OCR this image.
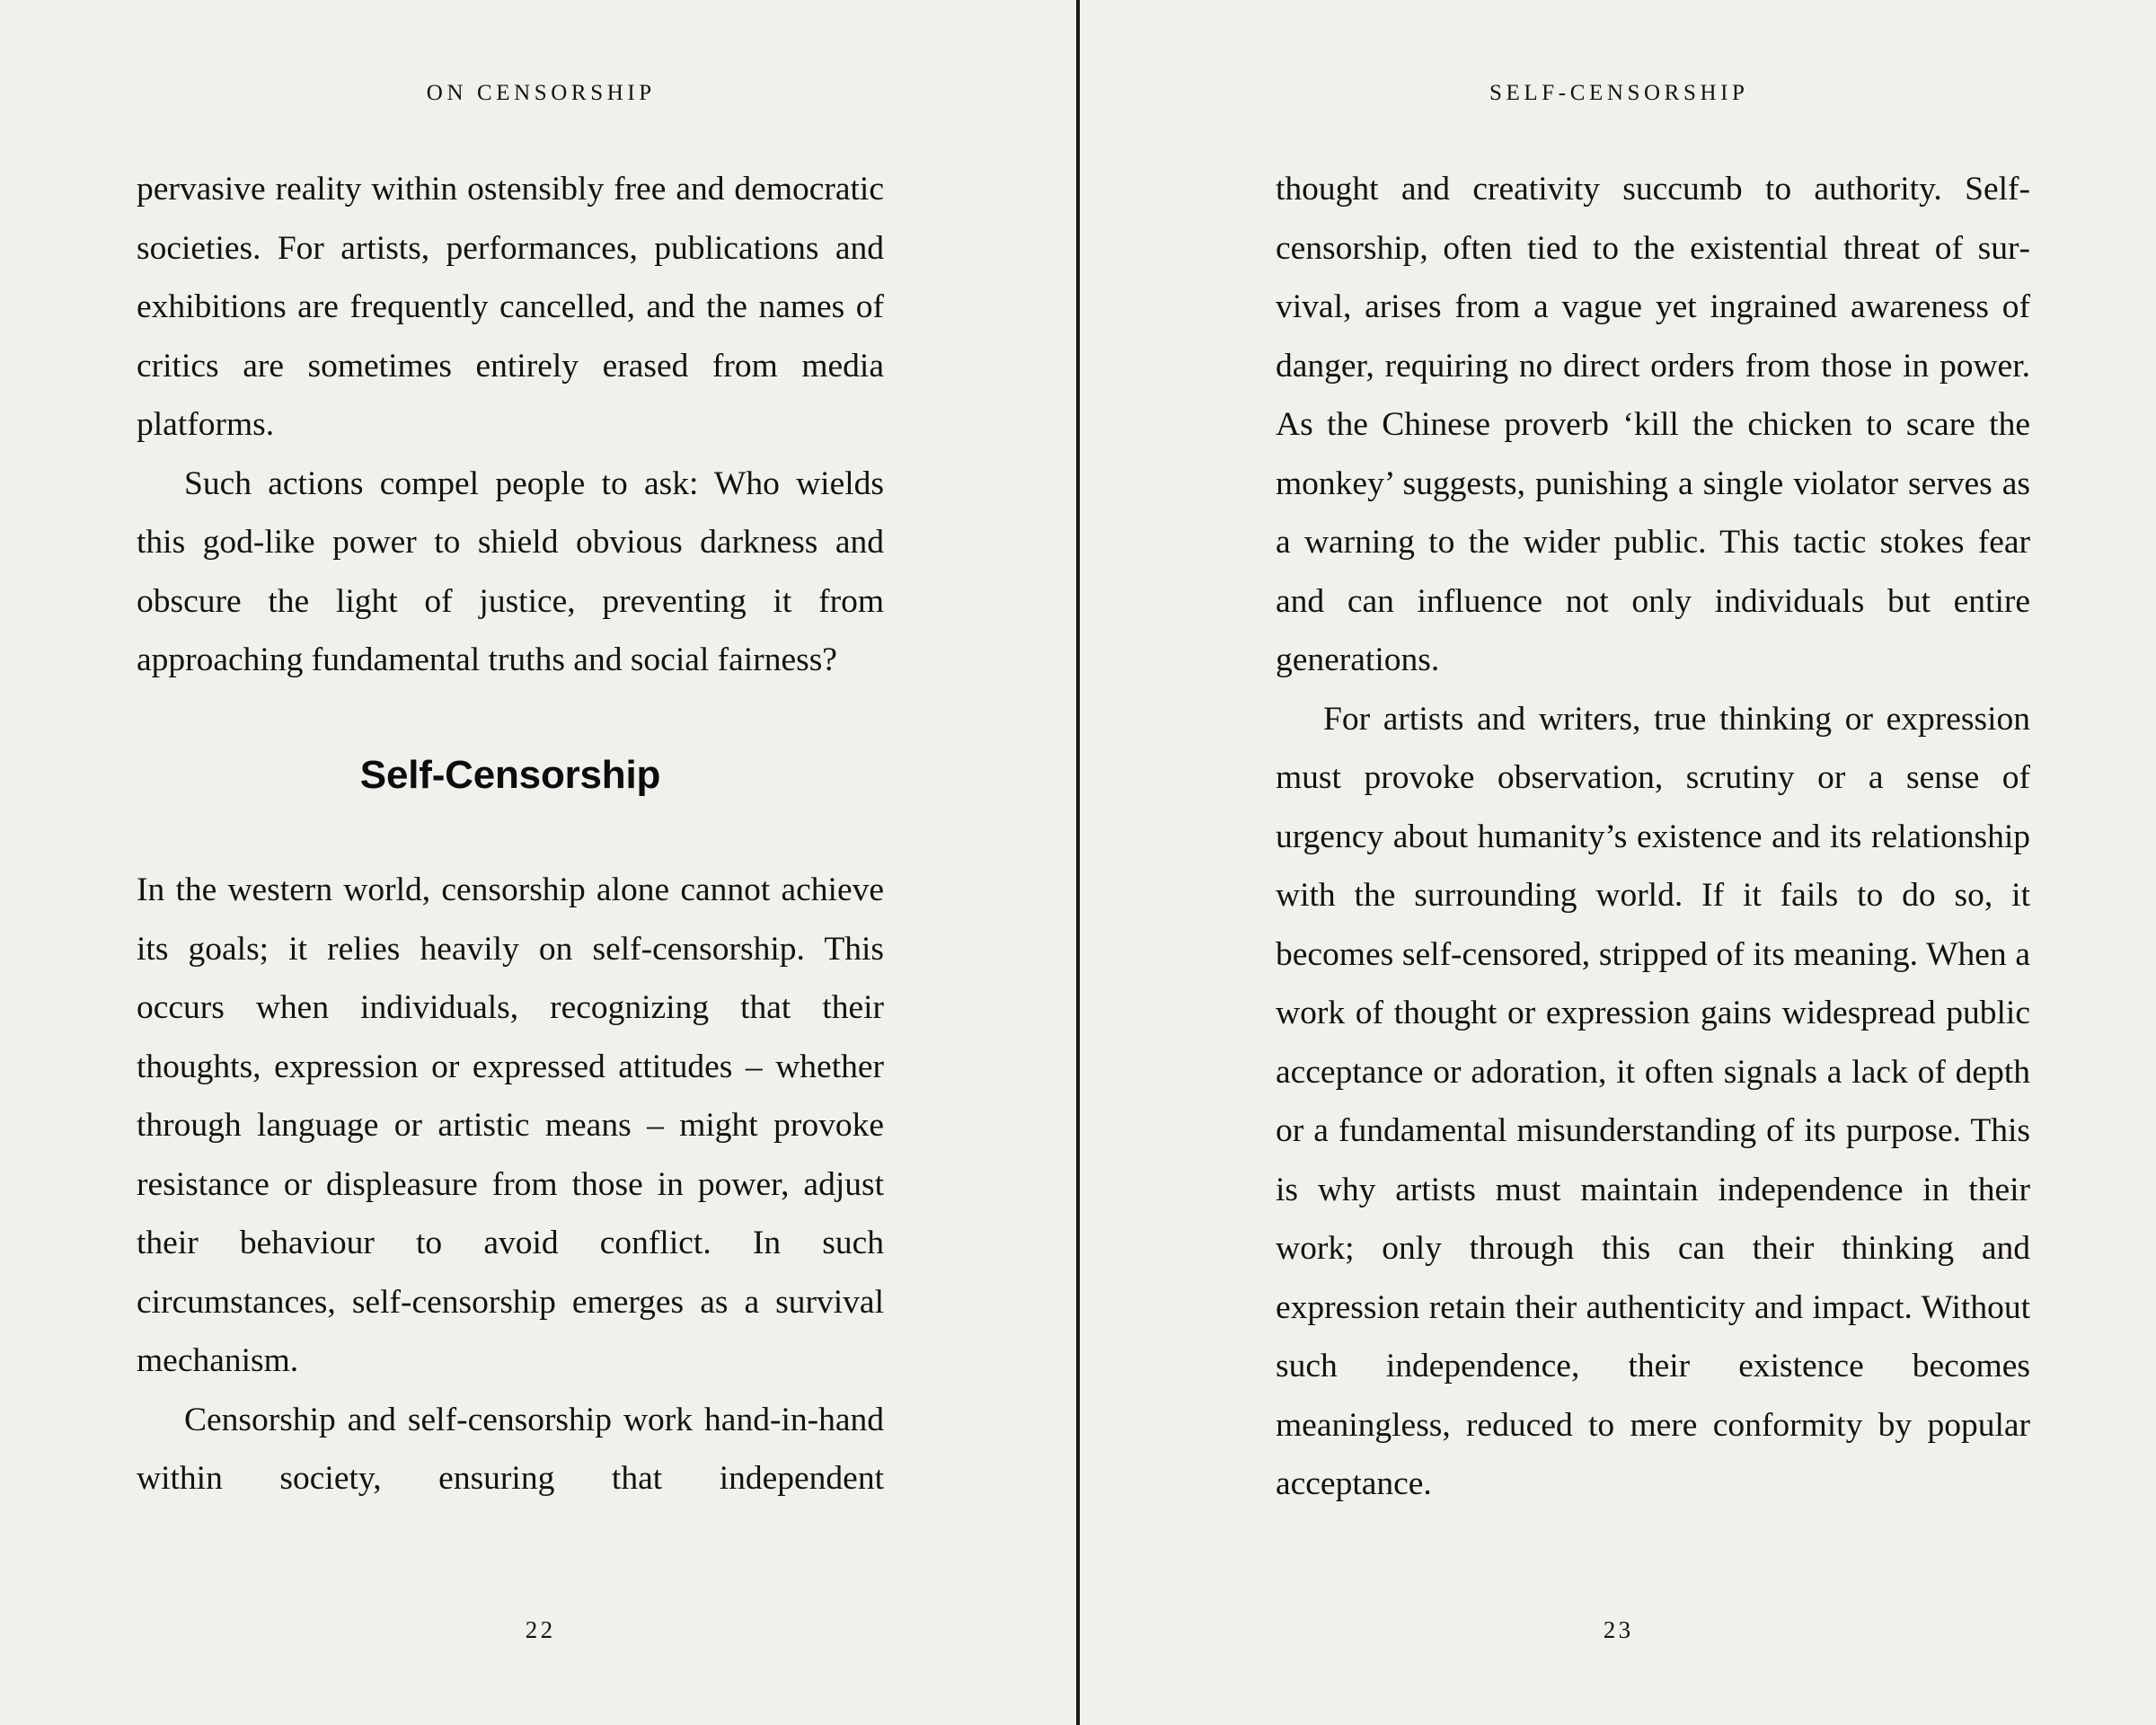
ON CENSORSHIP

pervasive reality within ostensibly free and democratic societies. For artists, performances, publications and exhibitions are frequently cancelled, and the names of critics are sometimes entirely erased from media platforms.

Such actions compel people to ask: Who wields this god-like power to shield obvious darkness and obscure the light of justice, preventing it from approaching fundamental truths and social fairness?

Self-Censorship

In the western world, censorship alone cannot achieve its goals; it relies heavily on self-censorship. This occurs when individuals, recognizing that their thoughts, expression or expressed attitudes – whether through language or artistic means – might provoke resistance or displeasure from those in power, adjust their behaviour to avoid conflict. In such circumstances, self-censorship emerges as a survival mechanism.

Censorship and self-censorship work hand-in-hand within society, ensuring that independent

22
SELF-CENSORSHIP

thought and creativity succumb to authority. Self-censorship, often tied to the existential threat of survival, arises from a vague yet ingrained awareness of danger, requiring no direct orders from those in power. As the Chinese proverb ‘kill the chicken to scare the monkey’ suggests, punishing a single violator serves as a warning to the wider public. This tactic stokes fear and can influence not only individuals but entire generations.

For artists and writers, true thinking or expression must provoke observation, scrutiny or a sense of urgency about humanity’s existence and its relationship with the surrounding world. If it fails to do so, it becomes self-censored, stripped of its meaning. When a work of thought or expression gains widespread public acceptance or adoration, it often signals a lack of depth or a fundamental misunderstanding of its purpose. This is why artists must maintain independence in their work; only through this can their thinking and expression retain their authenticity and impact. Without such independence, their existence becomes meaningless, reduced to mere conformity by popular acceptance.

23
